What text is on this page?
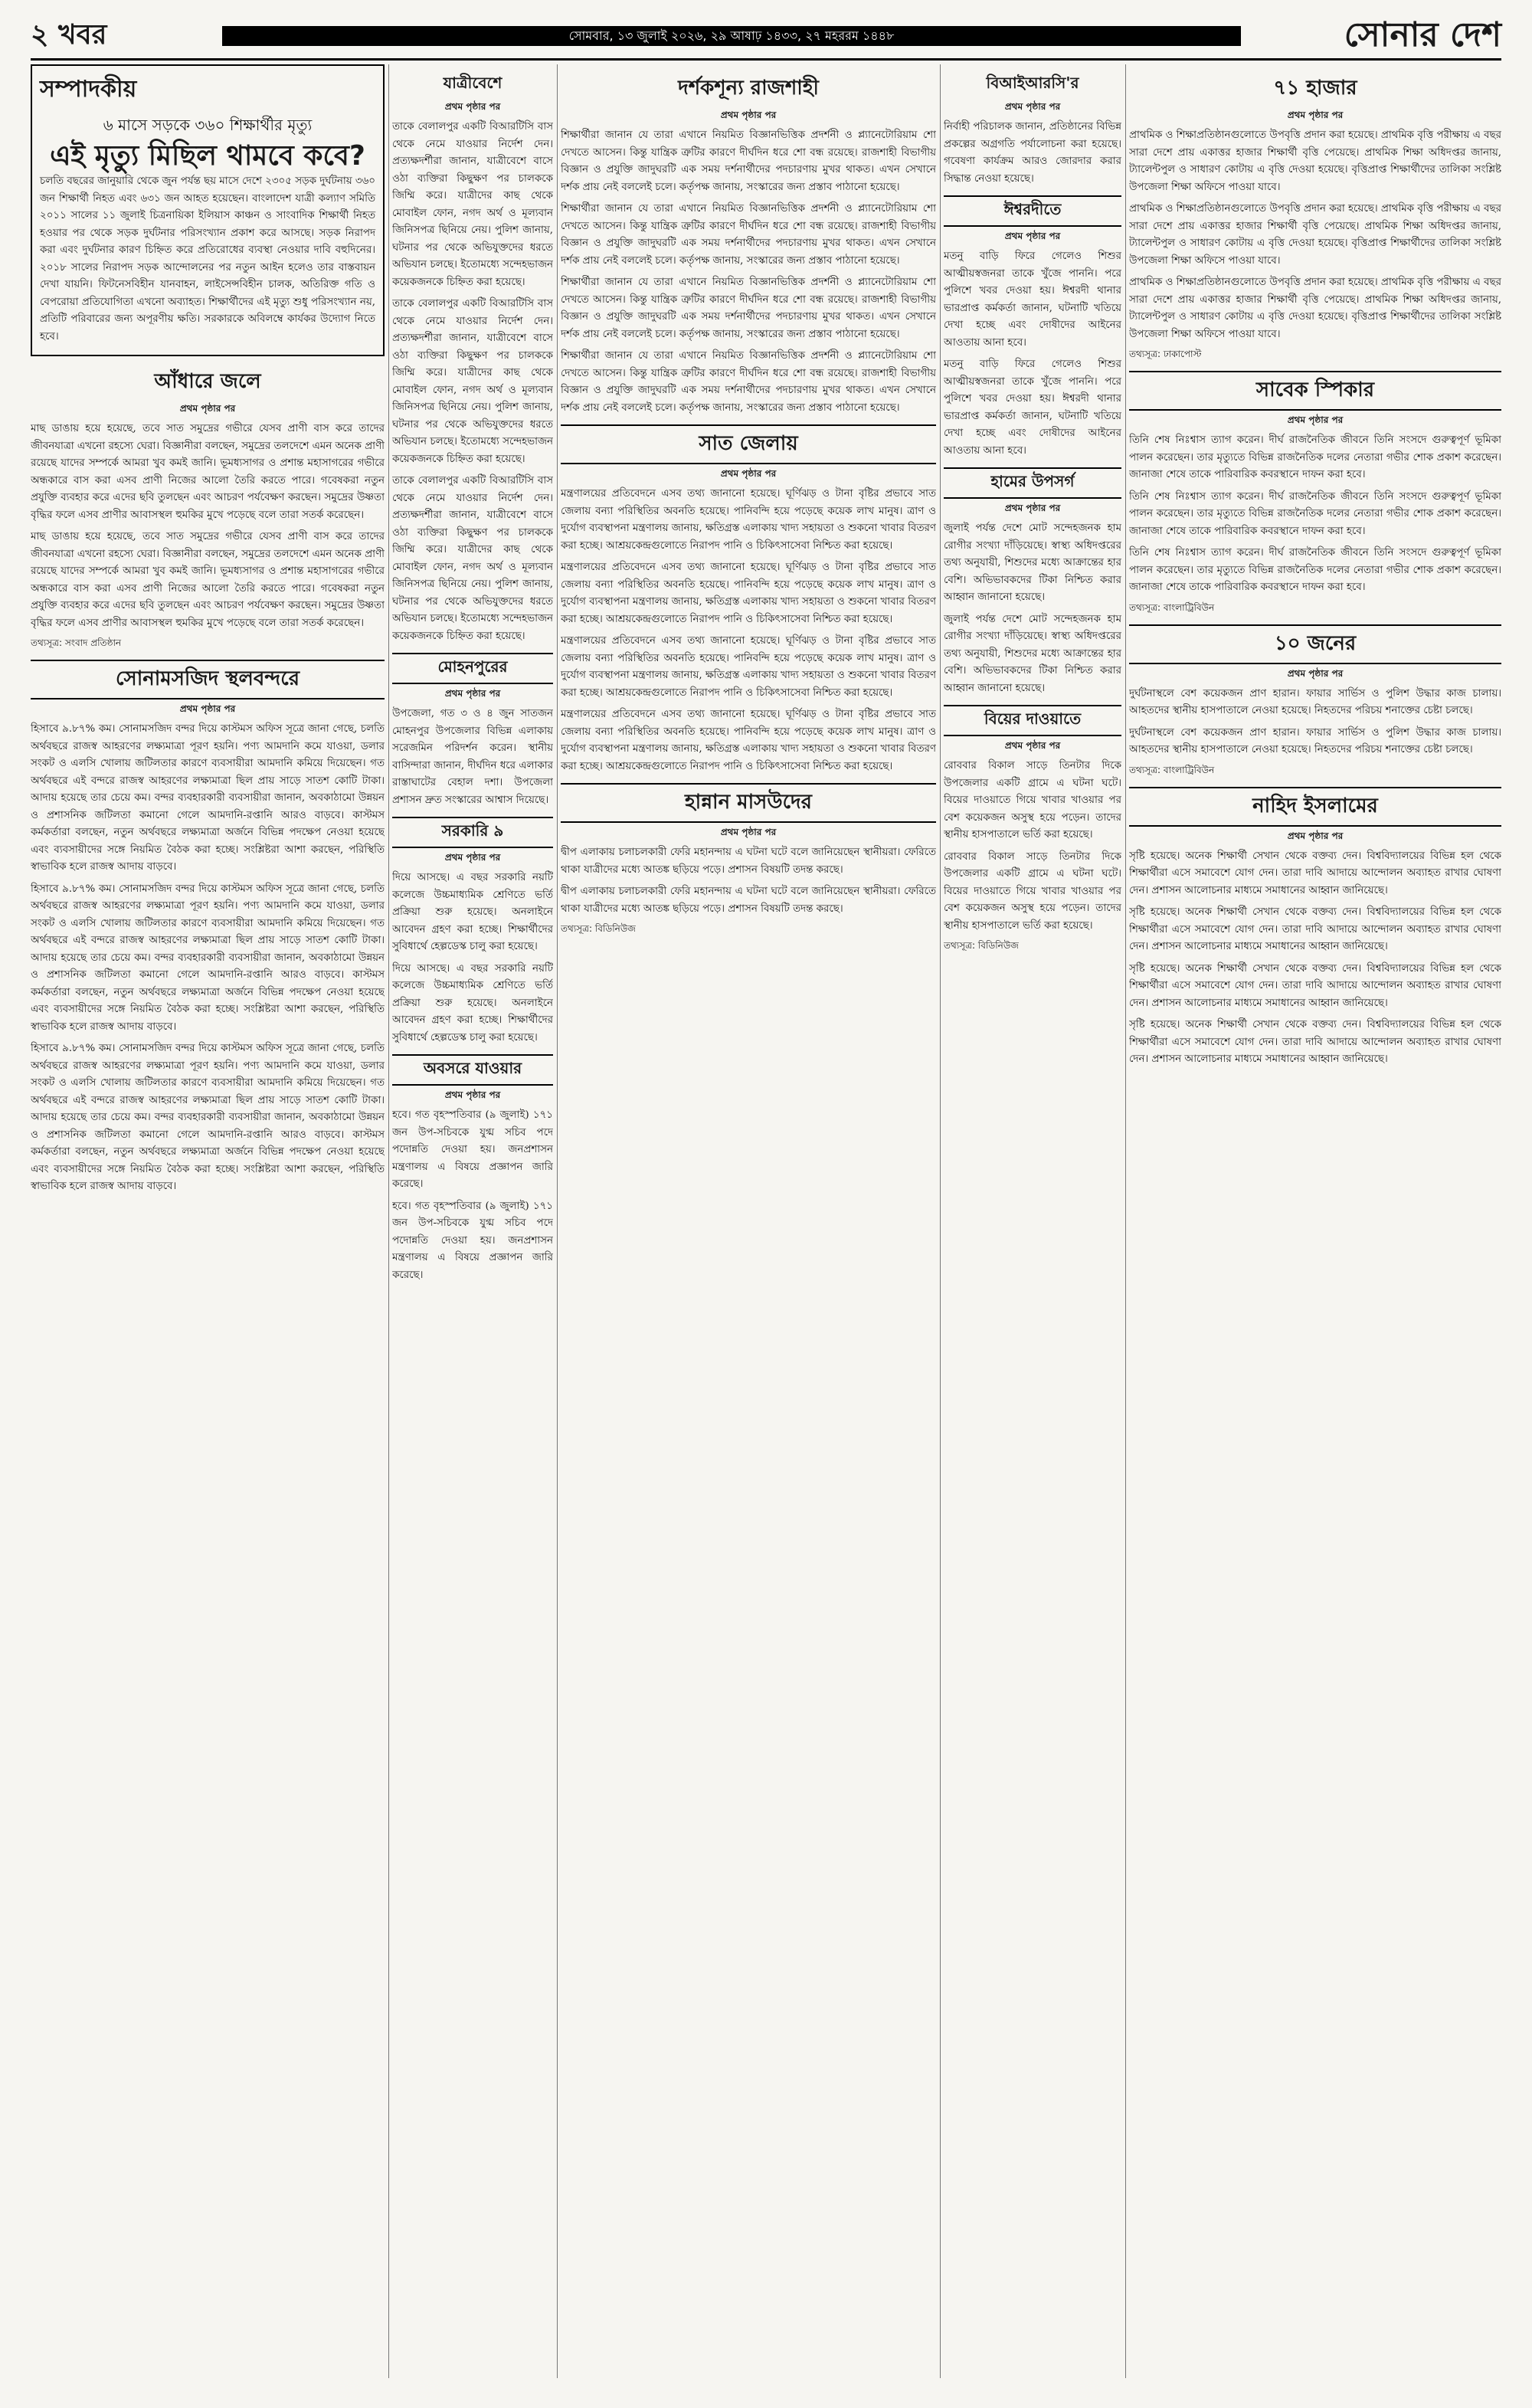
২ খবর	সোমবার, ১৩ জুলাই ২০২৬, ২৯ আষাঢ় ১৪৩৩, ২৭ মহররম ১৪৪৮	সোনার দেশ
সম্পাদকীয়
৬ মাসে সড়কে ৩৬০ শিক্ষার্থীর মৃত্যু
এই মৃত্যু মিছিল থামবে কবে?

চলতি বছরের জানুয়ারি থেকে জুন পর্যন্ত ছয় মাসে দেশে ২৩০৫ সড়ক দুর্ঘটনায় ৩৬০ জন শিক্ষার্থী নিহত এবং ৬৩১ জন আহত হয়েছেন। বাংলাদেশ যাত্রী কল্যাণ সমিতি ২০১১ সালের ১১ জুলাই চিত্রনায়িকা ইলিয়াস কাঞ্চন ও সাংবাদিক শিক্ষার্থী নিহত হওয়ার পর থেকে সড়ক দুর্ঘটনার পরিসংখ্যান প্রকাশ করে আসছে। সড়ক নিরাপদ করা এবং দুর্ঘটনার কারণ চিহ্নিত করে প্রতিরোধের ব্যবস্থা নেওয়ার দাবি বহুদিনের। ২০১৮ সালের নিরাপদ সড়ক আন্দোলনের পর নতুন আইন হলেও তার বাস্তবায়ন দেখা যায়নি। ফিটনেসবিহীন যানবাহন, লাইসেন্সবিহীন চালক, অতিরিক্ত গতি ও বেপরোয়া প্রতিযোগিতা এখনো অব্যাহত। শিক্ষার্থীদের এই মৃত্যু শুধু পরিসংখ্যান নয়, প্রতিটি পরিবারের জন্য অপূরণীয় ক্ষতি। সরকারকে অবিলম্বে কার্যকর উদ্যোগ নিতে হবে।

আঁধারে জলে
প্রথম পৃষ্ঠার পর

মাছ ডাঙায় হয়ে হয়েছে, তবে সাত সমুদ্রের গভীরে যেসব প্রাণী বাস করে তাদের জীবনযাত্রা এখনো রহস্যে ঘেরা। বিজ্ঞানীরা বলছেন, সমুদ্রের তলদেশে এমন অনেক প্রাণী রয়েছে যাদের সম্পর্কে আমরা খুব কমই জানি। ভূমধ্যসাগর ও প্রশান্ত মহাসাগরের গভীরে অন্ধকারে বাস করা এসব প্রাণী নিজের আলো তৈরি করতে পারে। গবেষকরা নতুন প্রযুক্তি ব্যবহার করে এদের ছবি তুলছেন এবং আচরণ পর্যবেক্ষণ করছেন। সমুদ্রের উষ্ণতা বৃদ্ধির ফলে এসব প্রাণীর আবাসস্থল হুমকির মুখে পড়েছে বলে তারা সতর্ক করেছেন।

মাছ ডাঙায় হয়ে হয়েছে, তবে সাত সমুদ্রের গভীরে যেসব প্রাণী বাস করে তাদের জীবনযাত্রা এখনো রহস্যে ঘেরা। বিজ্ঞানীরা বলছেন, সমুদ্রের তলদেশে এমন অনেক প্রাণী রয়েছে যাদের সম্পর্কে আমরা খুব কমই জানি। ভূমধ্যসাগর ও প্রশান্ত মহাসাগরের গভীরে অন্ধকারে বাস করা এসব প্রাণী নিজের আলো তৈরি করতে পারে। গবেষকরা নতুন প্রযুক্তি ব্যবহার করে এদের ছবি তুলছেন এবং আচরণ পর্যবেক্ষণ করছেন। সমুদ্রের উষ্ণতা বৃদ্ধির ফলে এসব প্রাণীর আবাসস্থল হুমকির মুখে পড়েছে বলে তারা সতর্ক করেছেন।

তথ্যসূত্র: সংবাদ প্রতিষ্ঠান
সোনামসজিদ স্থলবন্দরে
প্রথম পৃষ্ঠার পর

হিসাবে ৯.৮৭% কম। সোনামসজিদ বন্দর দিয়ে কাস্টমস অফিস সূত্রে জানা গেছে, চলতি অর্থবছরে রাজস্ব আহরণের লক্ষ্যমাত্রা পূরণ হয়নি। পণ্য আমদানি কমে যাওয়া, ডলার সংকট ও এলসি খোলায় জটিলতার কারণে ব্যবসায়ীরা আমদানি কমিয়ে দিয়েছেন। গত অর্থবছরে এই বন্দরে রাজস্ব আহরণের লক্ষ্যমাত্রা ছিল প্রায় সাড়ে সাতশ কোটি টাকা। আদায় হয়েছে তার চেয়ে কম। বন্দর ব্যবহারকারী ব্যবসায়ীরা জানান, অবকাঠামো উন্নয়ন ও প্রশাসনিক জটিলতা কমানো গেলে আমদানি-রপ্তানি আরও বাড়বে। কাস্টমস কর্মকর্তারা বলছেন, নতুন অর্থবছরে লক্ষ্যমাত্রা অর্জনে বিভিন্ন পদক্ষেপ নেওয়া হয়েছে এবং ব্যবসায়ীদের সঙ্গে নিয়মিত বৈঠক করা হচ্ছে। সংশ্লিষ্টরা আশা করছেন, পরিস্থিতি স্বাভাবিক হলে রাজস্ব আদায় বাড়বে।

হিসাবে ৯.৮৭% কম। সোনামসজিদ বন্দর দিয়ে কাস্টমস অফিস সূত্রে জানা গেছে, চলতি অর্থবছরে রাজস্ব আহরণের লক্ষ্যমাত্রা পূরণ হয়নি। পণ্য আমদানি কমে যাওয়া, ডলার সংকট ও এলসি খোলায় জটিলতার কারণে ব্যবসায়ীরা আমদানি কমিয়ে দিয়েছেন। গত অর্থবছরে এই বন্দরে রাজস্ব আহরণের লক্ষ্যমাত্রা ছিল প্রায় সাড়ে সাতশ কোটি টাকা। আদায় হয়েছে তার চেয়ে কম। বন্দর ব্যবহারকারী ব্যবসায়ীরা জানান, অবকাঠামো উন্নয়ন ও প্রশাসনিক জটিলতা কমানো গেলে আমদানি-রপ্তানি আরও বাড়বে। কাস্টমস কর্মকর্তারা বলছেন, নতুন অর্থবছরে লক্ষ্যমাত্রা অর্জনে বিভিন্ন পদক্ষেপ নেওয়া হয়েছে এবং ব্যবসায়ীদের সঙ্গে নিয়মিত বৈঠক করা হচ্ছে। সংশ্লিষ্টরা আশা করছেন, পরিস্থিতি স্বাভাবিক হলে রাজস্ব আদায় বাড়বে।

হিসাবে ৯.৮৭% কম। সোনামসজিদ বন্দর দিয়ে কাস্টমস অফিস সূত্রে জানা গেছে, চলতি অর্থবছরে রাজস্ব আহরণের লক্ষ্যমাত্রা পূরণ হয়নি। পণ্য আমদানি কমে যাওয়া, ডলার সংকট ও এলসি খোলায় জটিলতার কারণে ব্যবসায়ীরা আমদানি কমিয়ে দিয়েছেন। গত অর্থবছরে এই বন্দরে রাজস্ব আহরণের লক্ষ্যমাত্রা ছিল প্রায় সাড়ে সাতশ কোটি টাকা। আদায় হয়েছে তার চেয়ে কম। বন্দর ব্যবহারকারী ব্যবসায়ীরা জানান, অবকাঠামো উন্নয়ন ও প্রশাসনিক জটিলতা কমানো গেলে আমদানি-রপ্তানি আরও বাড়বে। কাস্টমস কর্মকর্তারা বলছেন, নতুন অর্থবছরে লক্ষ্যমাত্রা অর্জনে বিভিন্ন পদক্ষেপ নেওয়া হয়েছে এবং ব্যবসায়ীদের সঙ্গে নিয়মিত বৈঠক করা হচ্ছে। সংশ্লিষ্টরা আশা করছেন, পরিস্থিতি স্বাভাবিক হলে রাজস্ব আদায় বাড়বে।

যাত্রীবেশে
প্রথম পৃষ্ঠার পর

তাকে বেলালপুর একটি বিআরটিসি বাস থেকে নেমে যাওয়ার নির্দেশ দেন। প্রত্যক্ষদর্শীরা জানান, যাত্রীবেশে বাসে ওঠা ব্যক্তিরা কিছুক্ষণ পর চালককে জিম্মি করে। যাত্রীদের কাছ থেকে মোবাইল ফোন, নগদ অর্থ ও মূল্যবান জিনিসপত্র ছিনিয়ে নেয়। পুলিশ জানায়, ঘটনার পর থেকে অভিযুক্তদের ধরতে অভিযান চলছে। ইতোমধ্যে সন্দেহভাজন কয়েকজনকে চিহ্নিত করা হয়েছে।

তাকে বেলালপুর একটি বিআরটিসি বাস থেকে নেমে যাওয়ার নির্দেশ দেন। প্রত্যক্ষদর্শীরা জানান, যাত্রীবেশে বাসে ওঠা ব্যক্তিরা কিছুক্ষণ পর চালককে জিম্মি করে। যাত্রীদের কাছ থেকে মোবাইল ফোন, নগদ অর্থ ও মূল্যবান জিনিসপত্র ছিনিয়ে নেয়। পুলিশ জানায়, ঘটনার পর থেকে অভিযুক্তদের ধরতে অভিযান চলছে। ইতোমধ্যে সন্দেহভাজন কয়েকজনকে চিহ্নিত করা হয়েছে।

তাকে বেলালপুর একটি বিআরটিসি বাস থেকে নেমে যাওয়ার নির্দেশ দেন। প্রত্যক্ষদর্শীরা জানান, যাত্রীবেশে বাসে ওঠা ব্যক্তিরা কিছুক্ষণ পর চালককে জিম্মি করে। যাত্রীদের কাছ থেকে মোবাইল ফোন, নগদ অর্থ ও মূল্যবান জিনিসপত্র ছিনিয়ে নেয়। পুলিশ জানায়, ঘটনার পর থেকে অভিযুক্তদের ধরতে অভিযান চলছে। ইতোমধ্যে সন্দেহভাজন কয়েকজনকে চিহ্নিত করা হয়েছে।

মোহনপুরের
প্রথম পৃষ্ঠার পর

উপজেলা, গত ৩ ও ৪ জুন সাতজন মোহনপুর উপজেলার বিভিন্ন এলাকায় সরেজমিন পরিদর্শন করেন। স্থানীয় বাসিন্দারা জানান, দীর্ঘদিন ধরে এলাকার রাস্তাঘাটের বেহাল দশা। উপজেলা প্রশাসন দ্রুত সংস্কারের আশ্বাস দিয়েছে।

সরকারি ৯
প্রথম পৃষ্ঠার পর

দিয়ে আসছে। এ বছর সরকারি নয়টি কলেজে উচ্চমাধ্যমিক শ্রেণিতে ভর্তি প্রক্রিয়া শুরু হয়েছে। অনলাইনে আবেদন গ্রহণ করা হচ্ছে। শিক্ষার্থীদের সুবিধার্থে হেল্পডেস্ক চালু করা হয়েছে।

দিয়ে আসছে। এ বছর সরকারি নয়টি কলেজে উচ্চমাধ্যমিক শ্রেণিতে ভর্তি প্রক্রিয়া শুরু হয়েছে। অনলাইনে আবেদন গ্রহণ করা হচ্ছে। শিক্ষার্থীদের সুবিধার্থে হেল্পডেস্ক চালু করা হয়েছে।

অবসরে যাওয়ার
প্রথম পৃষ্ঠার পর

হবে। গত বৃহস্পতিবার (৯ জুলাই) ১৭১ জন উপ-সচিবকে যুগ্ম সচিব পদে পদোন্নতি দেওয়া হয়। জনপ্রশাসন মন্ত্রণালয় এ বিষয়ে প্রজ্ঞাপন জারি করেছে।

হবে। গত বৃহস্পতিবার (৯ জুলাই) ১৭১ জন উপ-সচিবকে যুগ্ম সচিব পদে পদোন্নতি দেওয়া হয়। জনপ্রশাসন মন্ত্রণালয় এ বিষয়ে প্রজ্ঞাপন জারি করেছে।

দর্শকশূন্য রাজশাহী
প্রথম পৃষ্ঠার পর

শিক্ষার্থীরা জানান যে তারা এখানে নিয়মিত বিজ্ঞানভিত্তিক প্রদর্শনী ও প্ল্যানেটোরিয়াম শো দেখতে আসেন। কিন্তু যান্ত্রিক ত্রুটির কারণে দীর্ঘদিন ধরে শো বন্ধ রয়েছে। রাজশাহী বিভাগীয় বিজ্ঞান ও প্রযুক্তি জাদুঘরটি এক সময় দর্শনার্থীদের পদচারণায় মুখর থাকত। এখন সেখানে দর্শক প্রায় নেই বললেই চলে। কর্তৃপক্ষ জানায়, সংস্কারের জন্য প্রস্তাব পাঠানো হয়েছে।

শিক্ষার্থীরা জানান যে তারা এখানে নিয়মিত বিজ্ঞানভিত্তিক প্রদর্শনী ও প্ল্যানেটোরিয়াম শো দেখতে আসেন। কিন্তু যান্ত্রিক ত্রুটির কারণে দীর্ঘদিন ধরে শো বন্ধ রয়েছে। রাজশাহী বিভাগীয় বিজ্ঞান ও প্রযুক্তি জাদুঘরটি এক সময় দর্শনার্থীদের পদচারণায় মুখর থাকত। এখন সেখানে দর্শক প্রায় নেই বললেই চলে। কর্তৃপক্ষ জানায়, সংস্কারের জন্য প্রস্তাব পাঠানো হয়েছে।

শিক্ষার্থীরা জানান যে তারা এখানে নিয়মিত বিজ্ঞানভিত্তিক প্রদর্শনী ও প্ল্যানেটোরিয়াম শো দেখতে আসেন। কিন্তু যান্ত্রিক ত্রুটির কারণে দীর্ঘদিন ধরে শো বন্ধ রয়েছে। রাজশাহী বিভাগীয় বিজ্ঞান ও প্রযুক্তি জাদুঘরটি এক সময় দর্শনার্থীদের পদচারণায় মুখর থাকত। এখন সেখানে দর্শক প্রায় নেই বললেই চলে। কর্তৃপক্ষ জানায়, সংস্কারের জন্য প্রস্তাব পাঠানো হয়েছে।

শিক্ষার্থীরা জানান যে তারা এখানে নিয়মিত বিজ্ঞানভিত্তিক প্রদর্শনী ও প্ল্যানেটোরিয়াম শো দেখতে আসেন। কিন্তু যান্ত্রিক ত্রুটির কারণে দীর্ঘদিন ধরে শো বন্ধ রয়েছে। রাজশাহী বিভাগীয় বিজ্ঞান ও প্রযুক্তি জাদুঘরটি এক সময় দর্শনার্থীদের পদচারণায় মুখর থাকত। এখন সেখানে দর্শক প্রায় নেই বললেই চলে। কর্তৃপক্ষ জানায়, সংস্কারের জন্য প্রস্তাব পাঠানো হয়েছে।

সাত জেলায়
প্রথম পৃষ্ঠার পর

মন্ত্রণালয়ের প্রতিবেদনে এসব তথ্য জানানো হয়েছে। ঘূর্ণিঝড় ও টানা বৃষ্টির প্রভাবে সাত জেলায় বন্যা পরিস্থিতির অবনতি হয়েছে। পানিবন্দি হয়ে পড়েছে কয়েক লাখ মানুষ। ত্রাণ ও দুর্যোগ ব্যবস্থাপনা মন্ত্রণালয় জানায়, ক্ষতিগ্রস্ত এলাকায় খাদ্য সহায়তা ও শুকনো খাবার বিতরণ করা হচ্ছে। আশ্রয়কেন্দ্রগুলোতে নিরাপদ পানি ও চিকিৎসাসেবা নিশ্চিত করা হয়েছে।

মন্ত্রণালয়ের প্রতিবেদনে এসব তথ্য জানানো হয়েছে। ঘূর্ণিঝড় ও টানা বৃষ্টির প্রভাবে সাত জেলায় বন্যা পরিস্থিতির অবনতি হয়েছে। পানিবন্দি হয়ে পড়েছে কয়েক লাখ মানুষ। ত্রাণ ও দুর্যোগ ব্যবস্থাপনা মন্ত্রণালয় জানায়, ক্ষতিগ্রস্ত এলাকায় খাদ্য সহায়তা ও শুকনো খাবার বিতরণ করা হচ্ছে। আশ্রয়কেন্দ্রগুলোতে নিরাপদ পানি ও চিকিৎসাসেবা নিশ্চিত করা হয়েছে।

মন্ত্রণালয়ের প্রতিবেদনে এসব তথ্য জানানো হয়েছে। ঘূর্ণিঝড় ও টানা বৃষ্টির প্রভাবে সাত জেলায় বন্যা পরিস্থিতির অবনতি হয়েছে। পানিবন্দি হয়ে পড়েছে কয়েক লাখ মানুষ। ত্রাণ ও দুর্যোগ ব্যবস্থাপনা মন্ত্রণালয় জানায়, ক্ষতিগ্রস্ত এলাকায় খাদ্য সহায়তা ও শুকনো খাবার বিতরণ করা হচ্ছে। আশ্রয়কেন্দ্রগুলোতে নিরাপদ পানি ও চিকিৎসাসেবা নিশ্চিত করা হয়েছে।

মন্ত্রণালয়ের প্রতিবেদনে এসব তথ্য জানানো হয়েছে। ঘূর্ণিঝড় ও টানা বৃষ্টির প্রভাবে সাত জেলায় বন্যা পরিস্থিতির অবনতি হয়েছে। পানিবন্দি হয়ে পড়েছে কয়েক লাখ মানুষ। ত্রাণ ও দুর্যোগ ব্যবস্থাপনা মন্ত্রণালয় জানায়, ক্ষতিগ্রস্ত এলাকায় খাদ্য সহায়তা ও শুকনো খাবার বিতরণ করা হচ্ছে। আশ্রয়কেন্দ্রগুলোতে নিরাপদ পানি ও চিকিৎসাসেবা নিশ্চিত করা হয়েছে।

হান্নান মাসউদের
প্রথম পৃষ্ঠার পর

দ্বীপ এলাকায় চলাচলকারী ফেরি মহানন্দায় এ ঘটনা ঘটে বলে জানিয়েছেন স্থানীয়রা। ফেরিতে থাকা যাত্রীদের মধ্যে আতঙ্ক ছড়িয়ে পড়ে। প্রশাসন বিষয়টি তদন্ত করছে।

দ্বীপ এলাকায় চলাচলকারী ফেরি মহানন্দায় এ ঘটনা ঘটে বলে জানিয়েছেন স্থানীয়রা। ফেরিতে থাকা যাত্রীদের মধ্যে আতঙ্ক ছড়িয়ে পড়ে। প্রশাসন বিষয়টি তদন্ত করছে।

তথ্যসূত্র: বিডিনিউজ
বিআইআরসি'র
প্রথম পৃষ্ঠার পর

নির্বাহী পরিচালক জানান, প্রতিষ্ঠানের বিভিন্ন প্রকল্পের অগ্রগতি পর্যালোচনা করা হয়েছে। গবেষণা কার্যক্রম আরও জোরদার করার সিদ্ধান্ত নেওয়া হয়েছে।

ঈশ্বরদীতে
প্রথম পৃষ্ঠার পর

মতনু বাড়ি ফিরে গেলেও শিশুর আত্মীয়স্বজনরা তাকে খুঁজে পাননি। পরে পুলিশে খবর দেওয়া হয়। ঈশ্বরদী থানার ভারপ্রাপ্ত কর্মকর্তা জানান, ঘটনাটি খতিয়ে দেখা হচ্ছে এবং দোষীদের আইনের আওতায় আনা হবে।

মতনু বাড়ি ফিরে গেলেও শিশুর আত্মীয়স্বজনরা তাকে খুঁজে পাননি। পরে পুলিশে খবর দেওয়া হয়। ঈশ্বরদী থানার ভারপ্রাপ্ত কর্মকর্তা জানান, ঘটনাটি খতিয়ে দেখা হচ্ছে এবং দোষীদের আইনের আওতায় আনা হবে।

হামের উপসর্গ
প্রথম পৃষ্ঠার পর

জুলাই পর্যন্ত দেশে মোট সন্দেহজনক হাম রোগীর সংখ্যা দাঁড়িয়েছে। স্বাস্থ্য অধিদপ্তরের তথ্য অনুযায়ী, শিশুদের মধ্যে আক্রান্তের হার বেশি। অভিভাবকদের টিকা নিশ্চিত করার আহ্বান জানানো হয়েছে।

জুলাই পর্যন্ত দেশে মোট সন্দেহজনক হাম রোগীর সংখ্যা দাঁড়িয়েছে। স্বাস্থ্য অধিদপ্তরের তথ্য অনুযায়ী, শিশুদের মধ্যে আক্রান্তের হার বেশি। অভিভাবকদের টিকা নিশ্চিত করার আহ্বান জানানো হয়েছে।

বিয়ের দাওয়াতে
প্রথম পৃষ্ঠার পর

রোববার বিকাল সাড়ে তিনটার দিকে উপজেলার একটি গ্রামে এ ঘটনা ঘটে। বিয়ের দাওয়াতে গিয়ে খাবার খাওয়ার পর বেশ কয়েকজন অসুস্থ হয়ে পড়েন। তাদের স্থানীয় হাসপাতালে ভর্তি করা হয়েছে।

রোববার বিকাল সাড়ে তিনটার দিকে উপজেলার একটি গ্রামে এ ঘটনা ঘটে। বিয়ের দাওয়াতে গিয়ে খাবার খাওয়ার পর বেশ কয়েকজন অসুস্থ হয়ে পড়েন। তাদের স্থানীয় হাসপাতালে ভর্তি করা হয়েছে।

তথ্যসূত্র: বিডিনিউজ
৭১ হাজার
প্রথম পৃষ্ঠার পর

প্রাথমিক ও শিক্ষাপ্রতিষ্ঠানগুলোতে উপবৃত্তি প্রদান করা হয়েছে। প্রাথমিক বৃত্তি পরীক্ষায় এ বছর সারা দেশে প্রায় একাত্তর হাজার শিক্ষার্থী বৃত্তি পেয়েছে। প্রাথমিক শিক্ষা অধিদপ্তর জানায়, ট্যালেন্টপুল ও সাধারণ কোটায় এ বৃত্তি দেওয়া হয়েছে। বৃত্তিপ্রাপ্ত শিক্ষার্থীদের তালিকা সংশ্লিষ্ট উপজেলা শিক্ষা অফিসে পাওয়া যাবে।

প্রাথমিক ও শিক্ষাপ্রতিষ্ঠানগুলোতে উপবৃত্তি প্রদান করা হয়েছে। প্রাথমিক বৃত্তি পরীক্ষায় এ বছর সারা দেশে প্রায় একাত্তর হাজার শিক্ষার্থী বৃত্তি পেয়েছে। প্রাথমিক শিক্ষা অধিদপ্তর জানায়, ট্যালেন্টপুল ও সাধারণ কোটায় এ বৃত্তি দেওয়া হয়েছে। বৃত্তিপ্রাপ্ত শিক্ষার্থীদের তালিকা সংশ্লিষ্ট উপজেলা শিক্ষা অফিসে পাওয়া যাবে।

প্রাথমিক ও শিক্ষাপ্রতিষ্ঠানগুলোতে উপবৃত্তি প্রদান করা হয়েছে। প্রাথমিক বৃত্তি পরীক্ষায় এ বছর সারা দেশে প্রায় একাত্তর হাজার শিক্ষার্থী বৃত্তি পেয়েছে। প্রাথমিক শিক্ষা অধিদপ্তর জানায়, ট্যালেন্টপুল ও সাধারণ কোটায় এ বৃত্তি দেওয়া হয়েছে। বৃত্তিপ্রাপ্ত শিক্ষার্থীদের তালিকা সংশ্লিষ্ট উপজেলা শিক্ষা অফিসে পাওয়া যাবে।

তথ্যসূত্র: ঢাকাপোস্ট
সাবেক স্পিকার
প্রথম পৃষ্ঠার পর

তিনি শেষ নিঃশ্বাস ত্যাগ করেন। দীর্ঘ রাজনৈতিক জীবনে তিনি সংসদে গুরুত্বপূর্ণ ভূমিকা পালন করেছেন। তার মৃত্যুতে বিভিন্ন রাজনৈতিক দলের নেতারা গভীর শোক প্রকাশ করেছেন। জানাজা শেষে তাকে পারিবারিক কবরস্থানে দাফন করা হবে।

তিনি শেষ নিঃশ্বাস ত্যাগ করেন। দীর্ঘ রাজনৈতিক জীবনে তিনি সংসদে গুরুত্বপূর্ণ ভূমিকা পালন করেছেন। তার মৃত্যুতে বিভিন্ন রাজনৈতিক দলের নেতারা গভীর শোক প্রকাশ করেছেন। জানাজা শেষে তাকে পারিবারিক কবরস্থানে দাফন করা হবে।

তিনি শেষ নিঃশ্বাস ত্যাগ করেন। দীর্ঘ রাজনৈতিক জীবনে তিনি সংসদে গুরুত্বপূর্ণ ভূমিকা পালন করেছেন। তার মৃত্যুতে বিভিন্ন রাজনৈতিক দলের নেতারা গভীর শোক প্রকাশ করেছেন। জানাজা শেষে তাকে পারিবারিক কবরস্থানে দাফন করা হবে।

তথ্যসূত্র: বাংলাট্রিবিউন
১০ জনের
প্রথম পৃষ্ঠার পর

দুর্ঘটনাস্থলে বেশ কয়েকজন প্রাণ হারান। ফায়ার সার্ভিস ও পুলিশ উদ্ধার কাজ চালায়। আহতদের স্থানীয় হাসপাতালে নেওয়া হয়েছে। নিহতদের পরিচয় শনাক্তের চেষ্টা চলছে।

দুর্ঘটনাস্থলে বেশ কয়েকজন প্রাণ হারান। ফায়ার সার্ভিস ও পুলিশ উদ্ধার কাজ চালায়। আহতদের স্থানীয় হাসপাতালে নেওয়া হয়েছে। নিহতদের পরিচয় শনাক্তের চেষ্টা চলছে।

তথ্যসূত্র: বাংলাট্রিবিউন
নাহিদ ইসলামের
প্রথম পৃষ্ঠার পর

সৃষ্টি হয়েছে। অনেক শিক্ষার্থী সেখান থেকে বক্তব্য দেন। বিশ্ববিদ্যালয়ের বিভিন্ন হল থেকে শিক্ষার্থীরা এসে সমাবেশে যোগ দেন। তারা দাবি আদায়ে আন্দোলন অব্যাহত রাখার ঘোষণা দেন। প্রশাসন আলোচনার মাধ্যমে সমাধানের আহ্বান জানিয়েছে।

সৃষ্টি হয়েছে। অনেক শিক্ষার্থী সেখান থেকে বক্তব্য দেন। বিশ্ববিদ্যালয়ের বিভিন্ন হল থেকে শিক্ষার্থীরা এসে সমাবেশে যোগ দেন। তারা দাবি আদায়ে আন্দোলন অব্যাহত রাখার ঘোষণা দেন। প্রশাসন আলোচনার মাধ্যমে সমাধানের আহ্বান জানিয়েছে।

সৃষ্টি হয়েছে। অনেক শিক্ষার্থী সেখান থেকে বক্তব্য দেন। বিশ্ববিদ্যালয়ের বিভিন্ন হল থেকে শিক্ষার্থীরা এসে সমাবেশে যোগ দেন। তারা দাবি আদায়ে আন্দোলন অব্যাহত রাখার ঘোষণা দেন। প্রশাসন আলোচনার মাধ্যমে সমাধানের আহ্বান জানিয়েছে।

সৃষ্টি হয়েছে। অনেক শিক্ষার্থী সেখান থেকে বক্তব্য দেন। বিশ্ববিদ্যালয়ের বিভিন্ন হল থেকে শিক্ষার্থীরা এসে সমাবেশে যোগ দেন। তারা দাবি আদায়ে আন্দোলন অব্যাহত রাখার ঘোষণা দেন। প্রশাসন আলোচনার মাধ্যমে সমাধানের আহ্বান জানিয়েছে।
